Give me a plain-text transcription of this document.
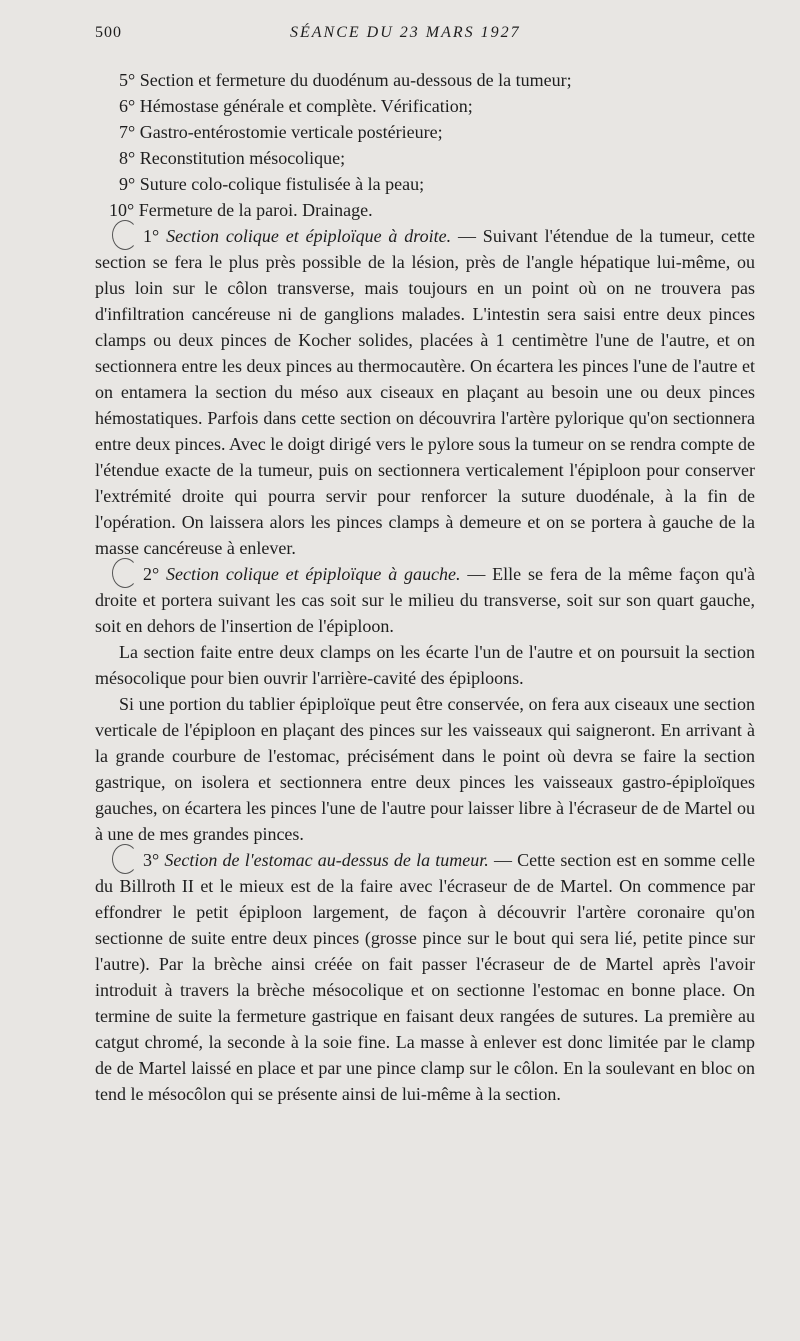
500	SÉANCE DU 23 MARS 1927

5° Section et fermeture du duodénum au-dessous de la tumeur;

6° Hémostase générale et complète. Vérification;

7° Gastro-entérostomie verticale postérieure;

8° Reconstitution mésocolique;

9° Suture colo-colique fistulisée à la peau;

10° Fermeture de la paroi. Drainage.

1° Section colique et épiploïque à droite. — Suivant l'étendue de la tumeur, cette section se fera le plus près possible de la lésion, près de l'angle hépatique lui-même, ou plus loin sur le côlon transverse, mais toujours en un point où on ne trouvera pas d'infiltration cancéreuse ni de ganglions malades. L'intestin sera saisi entre deux pinces clamps ou deux pinces de Kocher solides, placées à 1 centimètre l'une de l'autre, et on sectionnera entre les deux pinces au thermocautère. On écartera les pinces l'une de l'autre et on entamera la section du méso aux ciseaux en plaçant au besoin une ou deux pinces hémostatiques. Parfois dans cette section on découvrira l'artère pylorique qu'on sectionnera entre deux pinces. Avec le doigt dirigé vers le pylore sous la tumeur on se rendra compte de l'étendue exacte de la tumeur, puis on sectionnera verticalement l'épiploon pour conserver l'extrémité droite qui pourra servir pour renforcer la suture duodénale, à la fin de l'opération. On laissera alors les pinces clamps à demeure et on se portera à gauche de la masse cancéreuse à enlever.

2° Section colique et épiploïque à gauche. — Elle se fera de la même façon qu'à droite et portera suivant les cas soit sur le milieu du transverse, soit sur son quart gauche, soit en dehors de l'insertion de l'épiploon.

La section faite entre deux clamps on les écarte l'un de l'autre et on poursuit la section mésocolique pour bien ouvrir l'arrière-cavité des épiploons.

Si une portion du tablier épiploïque peut être conservée, on fera aux ciseaux une section verticale de l'épiploon en plaçant des pinces sur les vaisseaux qui saigneront. En arrivant à la grande courbure de l'estomac, précisément dans le point où devra se faire la section gastrique, on isolera et sectionnera entre deux pinces les vaisseaux gastro-épiploïques gauches, on écartera les pinces l'une de l'autre pour laisser libre à l'écraseur de de Martel ou à une de mes grandes pinces.

3° Section de l'estomac au-dessus de la tumeur. — Cette section est en somme celle du Billroth II et le mieux est de la faire avec l'écraseur de de Martel. On commence par effondrer le petit épiploon largement, de façon à découvrir l'artère coronaire qu'on sectionne de suite entre deux pinces (grosse pince sur le bout qui sera lié, petite pince sur l'autre). Par la brèche ainsi créée on fait passer l'écraseur de de Martel après l'avoir introduit à travers la brèche mésocolique et on sectionne l'estomac en bonne place. On termine de suite la fermeture gastrique en faisant deux rangées de sutures. La première au catgut chromé, la seconde à la soie fine. La masse à enlever est donc limitée par le clamp de de Martel laissé en place et par une pince clamp sur le côlon. En la soulevant en bloc on tend le mésocôlon qui se présente ainsi de lui-même à la section.
